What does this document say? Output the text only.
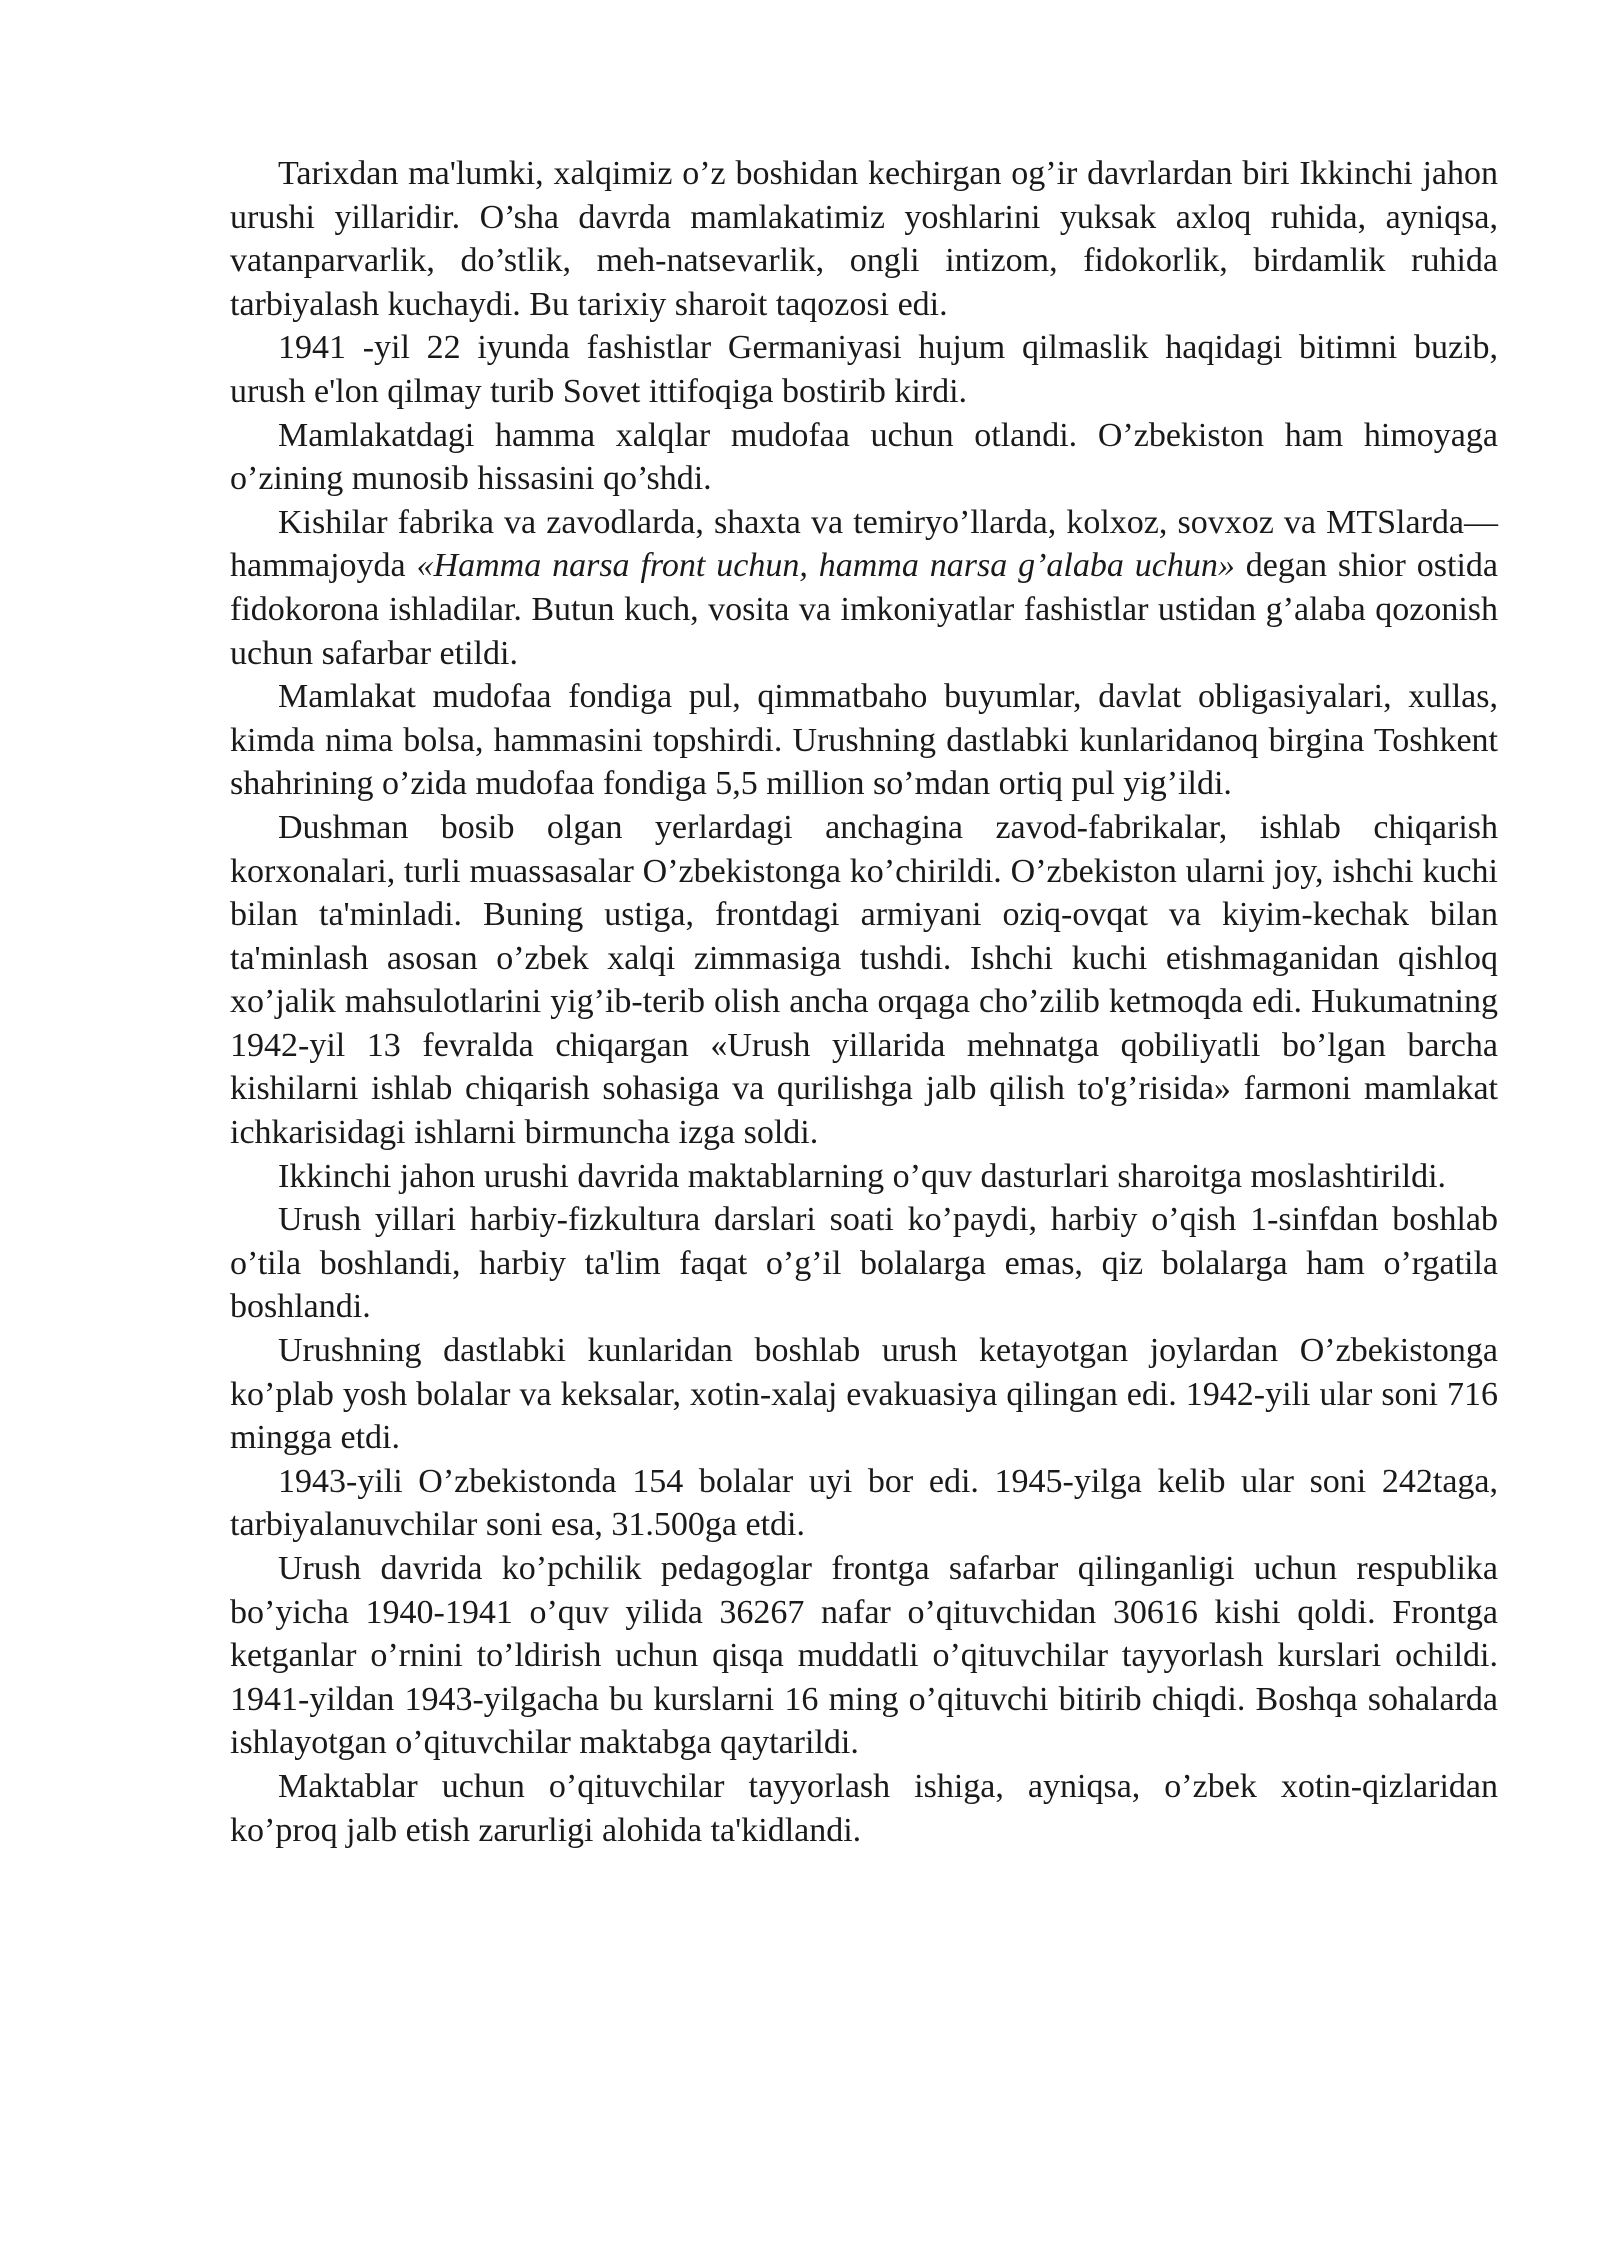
Tarixdan ma'lumki, xalqimiz o’z boshidan kechirgan og’ir davrlardan biri Ikkinchi jahon urushi yillaridir. O’sha davrda mamlakatimiz yoshlarini yuksak axloq ruhida, ayniqsa, vatanparvarlik, do’stlik, meh-natsevarlik, ongli intizom, fidokorlik, birdamlik ruhida tarbiyalash kuchaydi. Bu tarixiy sharoit taqozosi edi.

1941 -yil 22 iyunda fashistlar Germaniyasi hujum qilmaslik haqidagi bitimni buzib, urush e'lon qilmay turib Sovet ittifoqiga bostirib kirdi.

Mamlakatdagi hamma xalqlar mudofaa uchun otlandi. O’zbekiston ham himoyaga o’zining munosib hissasini qo’shdi.

Kishilar fabrika va zavodlarda, shaxta va temiryo’llarda, kolxoz, sovxoz va MTSlarda—hammajoyda «Hamma narsa front uchun, hamma narsa g’alaba uchun» degan shior ostida fidokorona ishladilar. Butun kuch, vosita va imkoniyatlar fashistlar ustidan g’alaba qozonish uchun safarbar etildi.

Mamlakat mudofaa fondiga pul, qimmatbaho buyumlar, davlat obligasiyalari, xullas, kimda nima bolsa, hammasini topshirdi. Urushning dastlabki kunlaridanoq birgina Toshkent shahrining o’zida mudofaa fondiga 5,5 million so’mdan ortiq pul yig’ildi.

Dushman bosib olgan yerlardagi anchagina zavod-fabrikalar, ishlab chiqarish korxonalari, turli muassasalar O’zbekistonga ko’chirildi. O’zbekiston ularni joy, ishchi kuchi bilan ta'minladi. Buning ustiga, frontdagi armiyani oziq-ovqat va kiyim-kechak bilan ta'minlash asosan o’zbek xalqi zimmasiga tushdi. Ishchi kuchi etishmaganidan qishloq xo’jalik mahsulotlarini yig’ib-terib olish ancha orqaga cho’zilib ketmoqda edi. Hukumatning 1942-yil 13 fevralda chiqargan «Urush yillarida mehnatga qobiliyatli bo’lgan barcha kishilarni ishlab chiqarish sohasiga va qurilishga jalb qilish to'g’risida» farmoni mamlakat ichkarisidagi ishlarni birmuncha izga soldi.

Ikkinchi jahon urushi davrida maktablarning o’quv dasturlari sharoitga moslashtirildi.

Urush yillari harbiy-fizkultura darslari soati ko’paydi, harbiy o’qish 1-sinfdan boshlab o’tila boshlandi, harbiy ta'lim faqat o’g’il bolalarga emas, qiz bolalarga ham o’rgatila boshlandi.

Urushning dastlabki kunlaridan boshlab urush ketayotgan joylardan O’zbekistonga ko’plab yosh bolalar va keksalar, xotin-xalaj evakuasiya qilingan edi. 1942-yili ular soni 716 mingga etdi.

1943-yili O’zbekistonda 154 bolalar uyi bor edi. 1945-yilga kelib ular soni 242taga, tarbiyalanuvchilar soni esa, 31.500ga etdi.

Urush davrida ko’pchilik pedagoglar frontga safarbar qilinganligi uchun respublika bo’yicha 1940-1941 o’quv yilida 36267 nafar o’qituvchidan 30616 kishi qoldi. Frontga ketganlar o’rnini to’ldirish uchun qisqa muddatli o’qituvchilar tayyorlash kurslari ochildi. 1941-yildan 1943-yilgacha bu kurslarni 16 ming o’qituvchi bitirib chiqdi. Boshqa sohalarda ishlayotgan o’qituvchilar maktabga qaytarildi.

Maktablar uchun o’qituvchilar tayyorlash ishiga, ayniqsa, o’zbek xotin-qizlaridan ko’proq jalb etish zarurligi alohida ta'kidlandi.
